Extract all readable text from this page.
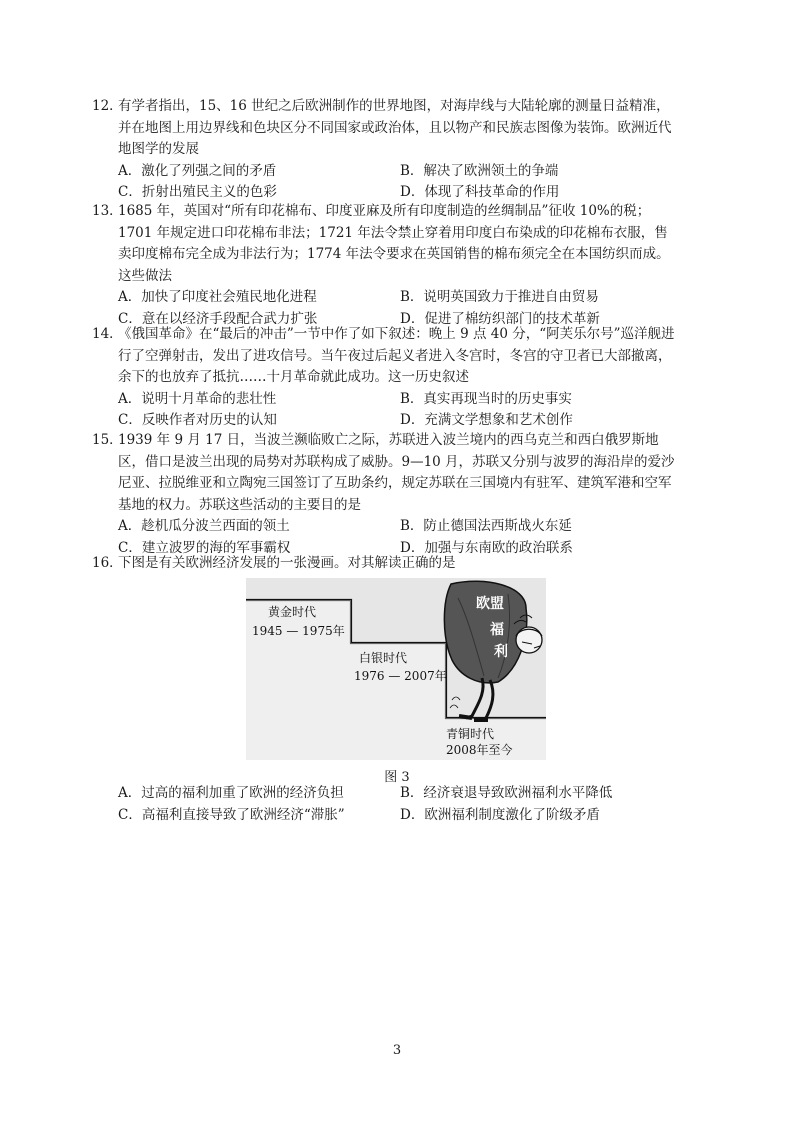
12．

有学者指出，15、16 世纪之后欧洲制作的世界地图，对海岸线与大陆轮廓的测量日益精准，并在地图上用边界线和色块区分不同国家或政治体，且以物产和民族志图像为装饰。欧洲近代地图学的发展

A．激化了列强之间的矛盾	B．解决了欧洲领土的争端
C．折射出殖民主义的色彩	D．体现了科技革命的作用
13．

1685 年，英国对“所有印花棉布、印度亚麻及所有印度制造的丝绸制品”征收 10%的税；1701 年规定进口印花棉布非法；1721 年法令禁止穿着用印度白布染成的印花棉布衣服，售卖印度棉布完全成为非法行为；1774 年法令要求在英国销售的棉布须完全在本国纺织而成。这些做法

A．加快了印度社会殖民地化进程	B．说明英国致力于推进自由贸易
C．意在以经济手段配合武力扩张	D．促进了棉纺织部门的技术革新
14．

《俄国革命》在“最后的冲击”一节中作了如下叙述：晚上 9 点 40 分，“阿芙乐尔号”巡洋舰进行了空弹射击，发出了进攻信号。当午夜过后起义者进入冬宫时，冬宫的守卫者已大部撤离，余下的也放弃了抵抗……十月革命就此成功。这一历史叙述

A．说明十月革命的悲壮性	B．真实再现当时的历史事实
C．反映作者对历史的认知	D．充满文学想象和艺术创作
15．

1939 年 9 月 17 日，当波兰濒临败亡之际，苏联进入波兰境内的西乌克兰和西白俄罗斯地区，借口是波兰出现的局势对苏联构成了威胁。9—10 月，苏联又分别与波罗的海沿岸的爱沙尼亚、拉脱维亚和立陶宛三国签订了互助条约，规定苏联在三国境内有驻军、建筑军港和空军基地的权力。苏联这些活动的主要目的是

A．趁机瓜分波兰西面的领土	B．防止德国法西斯战火东延
C．建立波罗的海的军事霸权	D．加强与东南欧的政治联系
16．

下图是有关欧洲经济发展的一张漫画。对其解读正确的是

黄金时代
1945 — 1975年
白银时代
1976 — 2007年
青铜时代
2008年至今
欧盟
福
利
图 3
A．过高的福利加重了欧洲的经济负担	B．经济衰退导致欧洲福利水平降低
C．高福利直接导致了欧洲经济“滞胀”	D．欧洲福利制度激化了阶级矛盾
3
